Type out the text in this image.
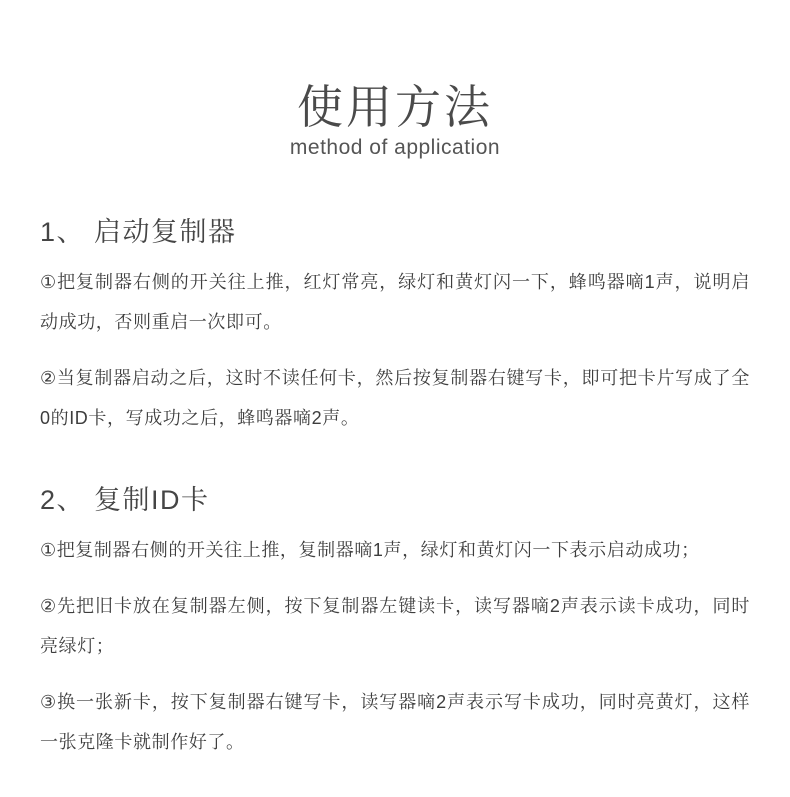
使用方法
method of application
1、 启动复制器

①把复制器右侧的开关往上推，红灯常亮，绿灯和黄灯闪一下，蜂鸣器嘀1声，说明启动成功，否则重启一次即可。

②当复制器启动之后，这时不读任何卡，然后按复制器右键写卡，即可把卡片写成了全0的ID卡，写成功之后，蜂鸣器嘀2声。

2、 复制ID卡

①把复制器右侧的开关往上推，复制器嘀1声，绿灯和黄灯闪一下表示启动成功；

②先把旧卡放在复制器左侧，按下复制器左键读卡，读写器嘀2声表示读卡成功，同时亮绿灯；

③换一张新卡，按下复制器右键写卡，读写器嘀2声表示写卡成功，同时亮黄灯，这样一张克隆卡就制作好了。
